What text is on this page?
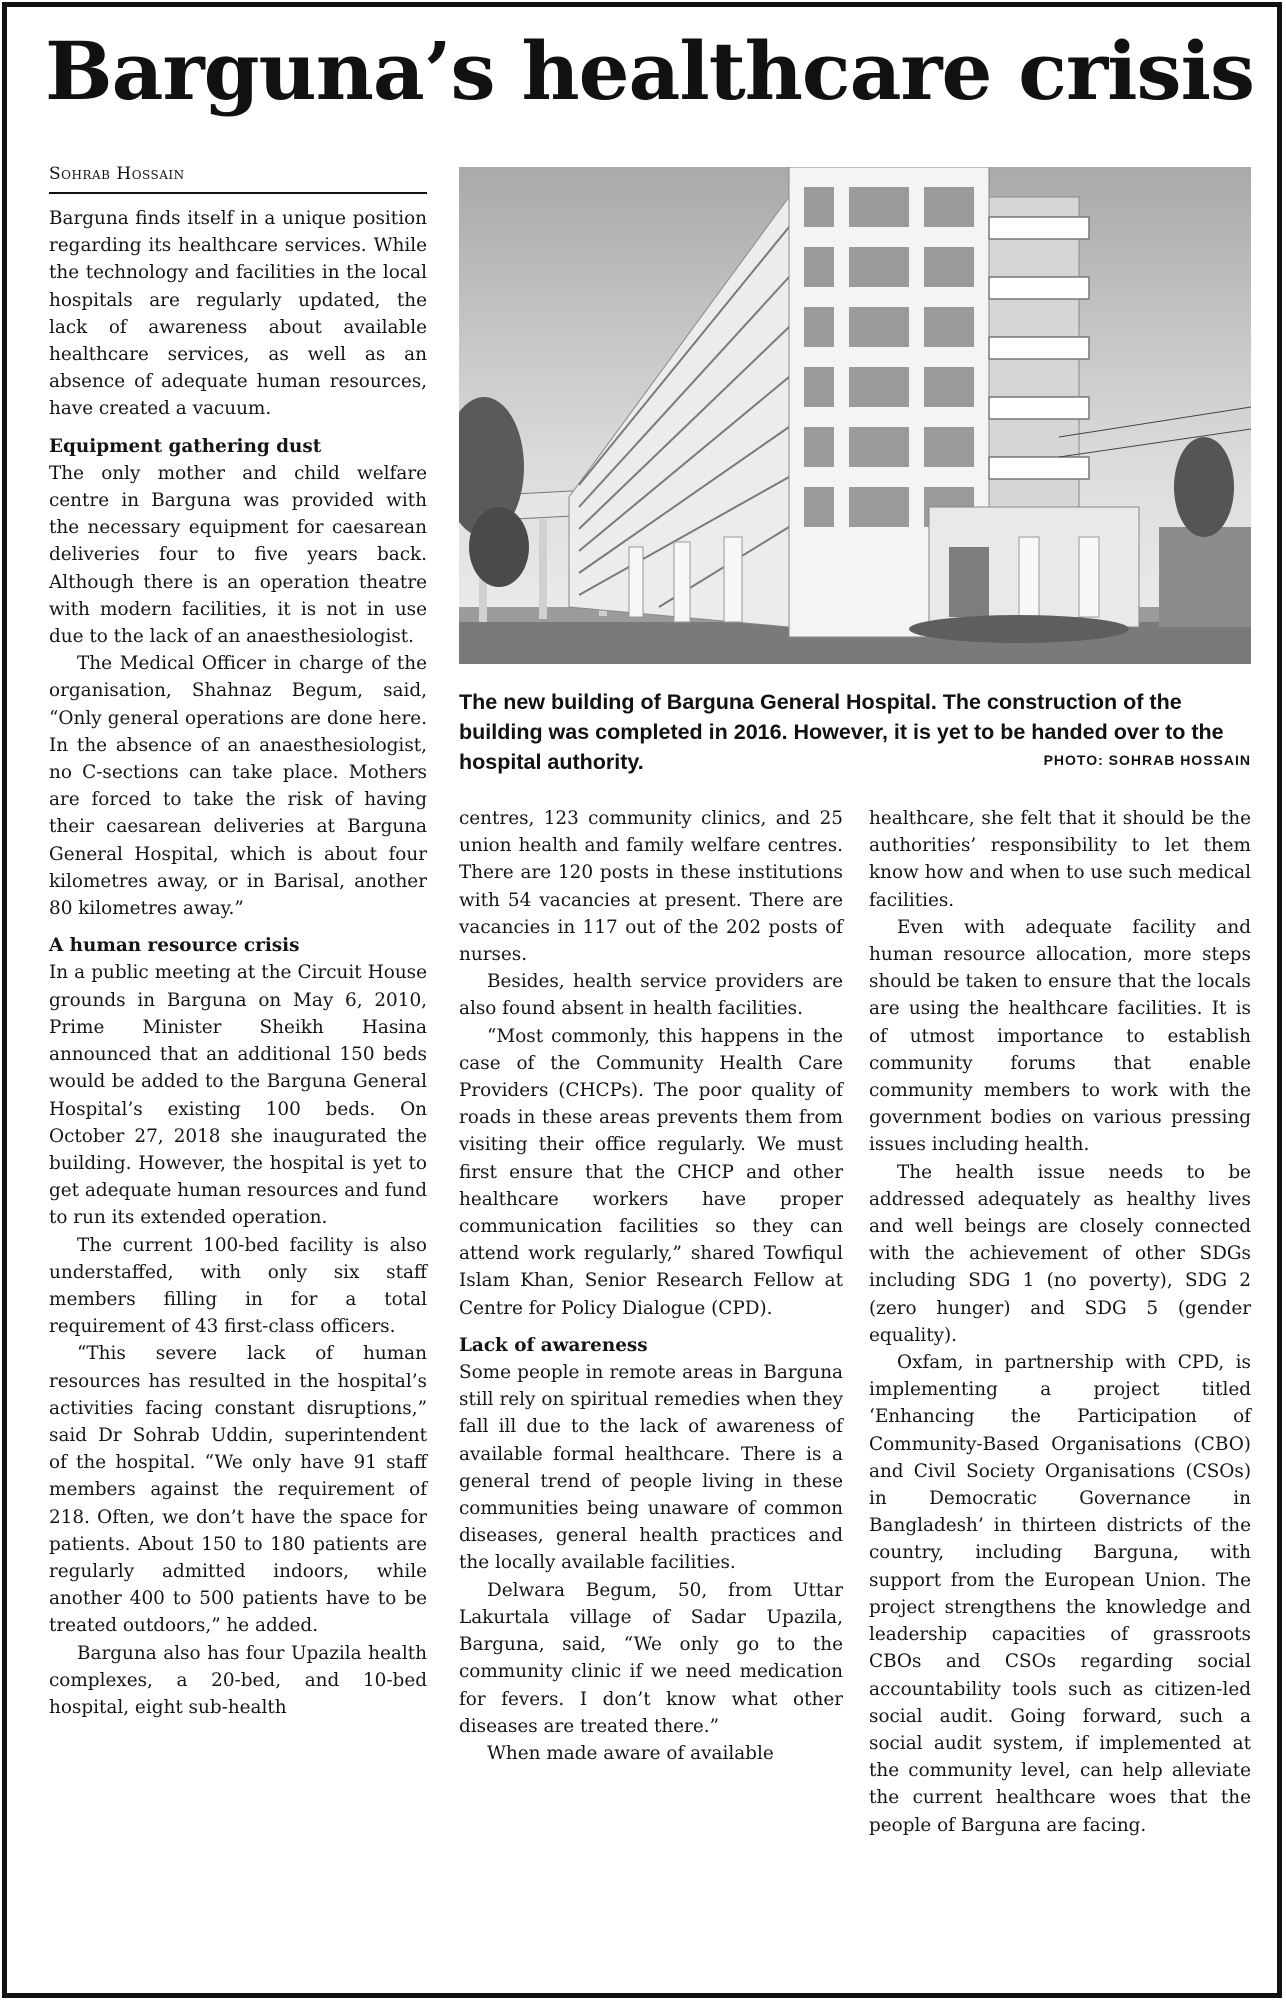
Barguna’s healthcare crisis
Sohrab Hossain

Barguna finds itself in a unique position regarding its healthcare services. While the technology and facilities in the local hospitals are regularly updated, the lack of awareness about available healthcare services, as well as an absence of adequate human resources, have created a vacuum.

Equipment gathering dust

The only mother and child welfare centre in Barguna was provided with the necessary equipment for caesarean deliveries four to five years back. Although there is an operation theatre with modern facilities, it is not in use due to the lack of an anaesthesiologist.

The Medical Officer in charge of the organisation, Shahnaz Begum, said, “Only general operations are done here. In the absence of an anaesthesiologist, no C-sections can take place. Mothers are forced to take the risk of having their caesarean deliveries at Barguna General Hospital, which is about four kilometres away, or in Barisal, another 80 kilometres away.”

A human resource crisis

In a public meeting at the Circuit House grounds in Barguna on May 6, 2010, Prime Minister Sheikh Hasina announced that an additional 150 beds would be added to the Barguna General Hospital’s existing 100 beds. On October 27, 2018 she inaugurated the building. However, the hospital is yet to get adequate human resources and fund to run its extended operation.

The current 100-bed facility is also understaffed, with only six staff members filling in for a total requirement of 43 first-class officers.

“This severe lack of human resources has resulted in the hospital’s activities facing constant disruptions,” said Dr Sohrab Uddin, superintendent of the hospital. “We only have 91 staff members against the requirement of 218. Often, we don’t have the space for patients. About 150 to 180 patients are regularly admitted indoors, while another 400 to 500 patients have to be treated outdoors,” he added.

Barguna also has four Upazila health complexes, a 20-bed, and 10-bed hospital, eight sub-health

The new building of Barguna General Hospital. The construction of the building was completed in 2016. However, it is yet to be handed over to the hospital authority.	PHOTO: SOHRAB HOSSAIN

centres, 123 community clinics, and 25 union health and family welfare centres. There are 120 posts in these institutions with 54 vacancies at present. There are vacancies in 117 out of the 202 posts of nurses.

Besides, health service providers are also found absent in health facilities.

“Most commonly, this happens in the case of the Community Health Care Providers (CHCPs). The poor quality of roads in these areas prevents them from visiting their office regularly. We must first ensure that the CHCP and other healthcare workers have proper communication facilities so they can attend work regularly,” shared Towfiqul Islam Khan, Senior Research Fellow at Centre for Policy Dialogue (CPD).

Lack of awareness

Some people in remote areas in Barguna still rely on spiritual remedies when they fall ill due to the lack of awareness of available formal healthcare. There is a general trend of people living in these communities being unaware of common diseases, general health practices and the locally available facilities.

Delwara Begum, 50, from Uttar Lakurtala village of Sadar Upazila, Barguna, said, “We only go to the community clinic if we need medication for fevers. I don’t know what other diseases are treated there.”

When made aware of available

healthcare, she felt that it should be the authorities’ responsibility to let them know how and when to use such medical facilities.

Even with adequate facility and human resource allocation, more steps should be taken to ensure that the locals are using the healthcare facilities. It is of utmost importance to establish community forums that enable community members to work with the government bodies on various pressing issues including health.

The health issue needs to be addressed adequately as healthy lives and well beings are closely connected with the achievement of other SDGs including SDG 1 (no poverty), SDG 2 (zero hunger) and SDG 5 (gender equality).

Oxfam, in partnership with CPD, is implementing a project titled ‘Enhancing the Participation of Community-Based Organisations (CBO) and Civil Society Organisations (CSOs) in Democratic Governance in Bangladesh’ in thirteen districts of the country, including Barguna, with support from the European Union. The project strengthens the knowledge and leadership capacities of grassroots CBOs and CSOs regarding social accountability tools such as citizen-led social audit. Going forward, such a social audit system, if implemented at the community level, can help alleviate the current healthcare woes that the people of Barguna are facing.
